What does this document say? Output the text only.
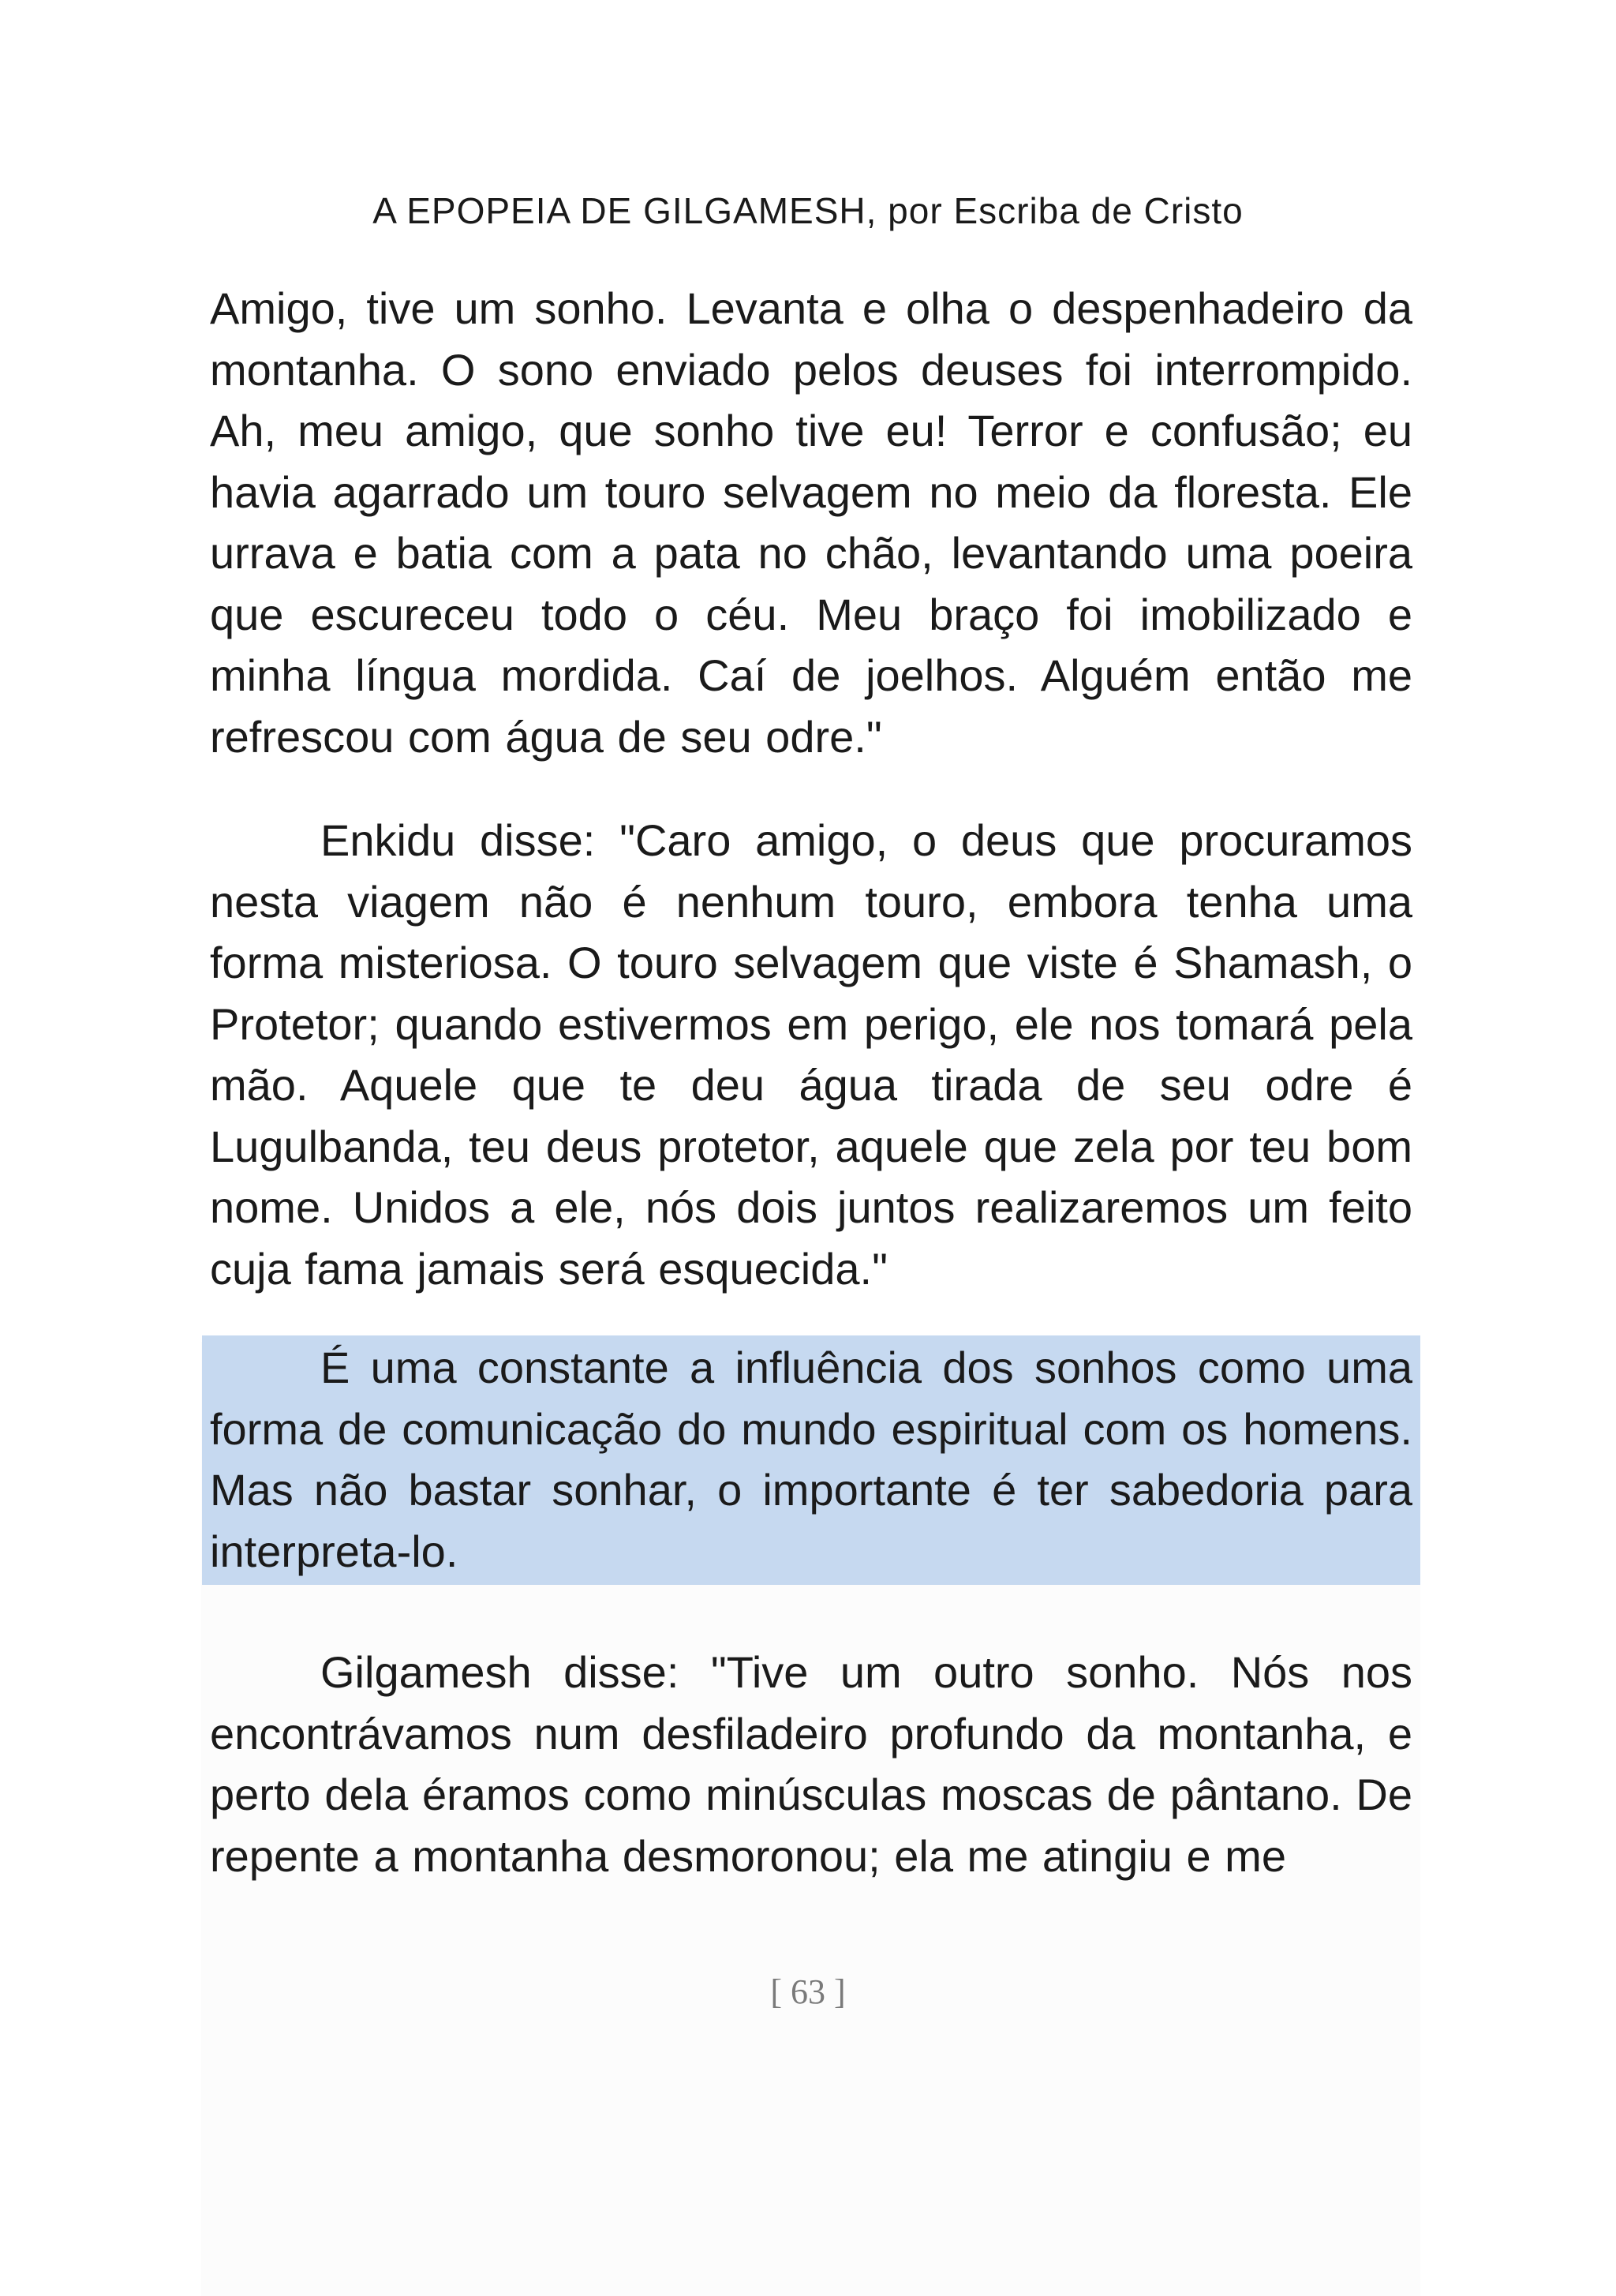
A EPOPEIA DE GILGAMESH, por Escriba de Cristo

Amigo, tive um sonho. Levanta e olha o despenhadeiro da montanha. O sono enviado pelos deuses foi interrompido. Ah, meu amigo, que sonho tive eu! Terror e confusão; eu havia agarrado um touro selvagem no meio da floresta. Ele urrava e batia com a pata no chão, levantando uma poeira que escureceu todo o céu. Meu braço foi imobilizado e minha língua mordida. Caí de joelhos. Alguém então me refrescou com água de seu odre."

Enkidu disse: "Caro amigo, o deus que procuramos nesta viagem não é nenhum touro, embora tenha uma forma misteriosa. O touro selvagem que viste é Shamash, o Protetor; quando estivermos em perigo, ele nos tomará pela mão. Aquele que te deu água tirada de seu odre é Lugulbanda, teu deus protetor, aquele que zela por teu bom nome. Unidos a ele, nós dois juntos realizaremos um feito cuja fama jamais será esquecida."

É uma constante a influência dos sonhos como uma forma de comunicação do mundo espiritual com os homens. Mas não bastar sonhar, o importante é ter sabedoria para interpreta-lo.

Gilgamesh disse: "Tive um outro sonho. Nós nos encontrávamos num desfiladeiro profundo da montanha, e perto dela éramos como minúsculas moscas de pântano. De repente a montanha desmoronou; ela me atingiu e me

[ 63 ]
